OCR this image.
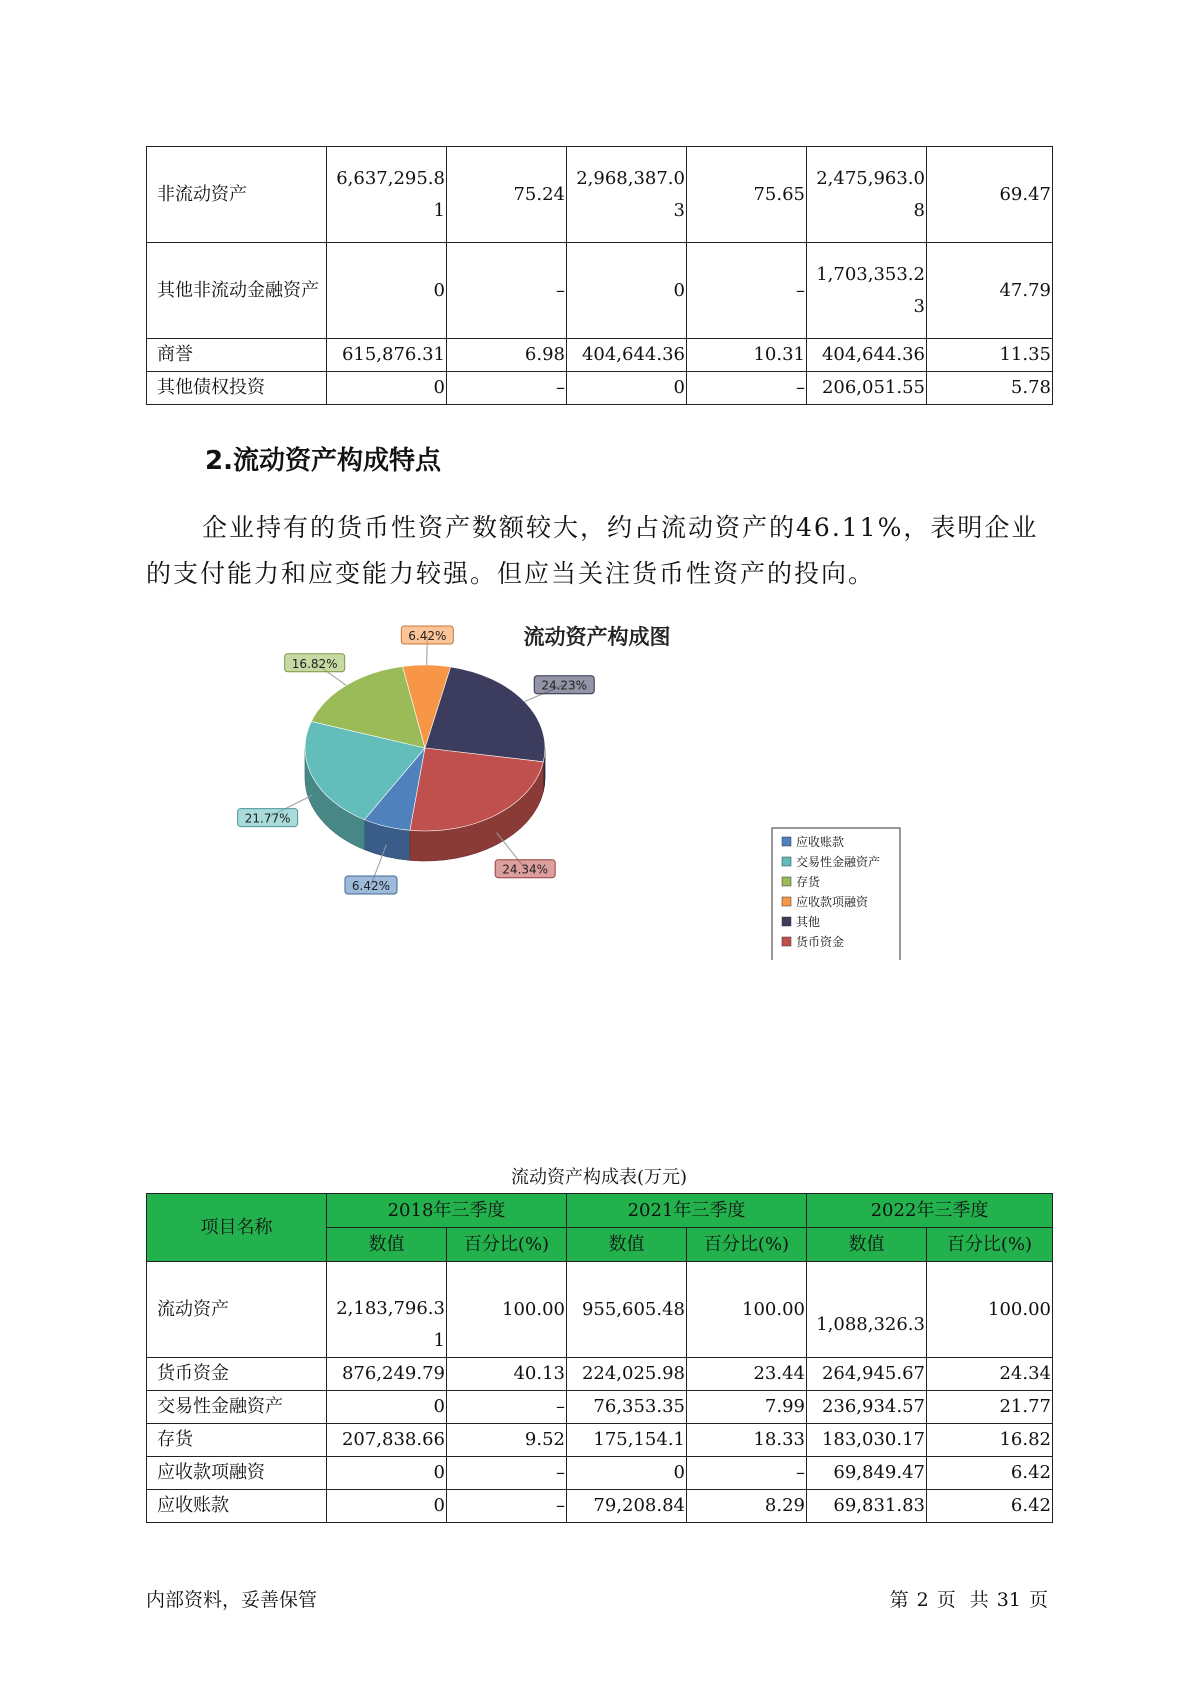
非流动资产	6,637,295.81	75.24	2,968,387.03	75.65	2,475,963.08	69.47
其他非流动金融资产	0	–	0	–	1,703,353.23	47.79
商誉	615,876.31	6.98	404,644.36	10.31	404,644.36	11.35
其他债权投资	0	–	0	–	206,051.55	5.78
2.流动资产构成特点

企业持有的货币性资产数额较大，约占流动资产的46.11%，表明企业的支付能力和应变能力较强。但应当关注货币性资产的投向。

流动资产构成图
6.42%
21.77%
16.82%
6.42%
24.23%
24.34%
应收账款
交易性金融资产
存货
应收款项融资
其他
货币资金
流动资产构成表(万元)
项目名称	2018年三季度		2021年三季度		2022年三季度	
	数值	百分比(%)	数值	百分比(%)	数值	百分比(%)
流动资产	2,183,796.31	100.00	955,605.48	100.00	1,088,326.3	100.00
货币资金	876,249.79	40.13	224,025.98	23.44	264,945.67	24.34
交易性金融资产	0	–	76,353.35	7.99	236,934.57	21.77
存货	207,838.66	9.52	175,154.1	18.33	183,030.17	16.82
应收款项融资	0	–	0	–	69,849.47	6.42
应收账款	0	–	79,208.84	8.29	69,831.83	6.42
内部资料，妥善保管	第 2 页 共 31 页
